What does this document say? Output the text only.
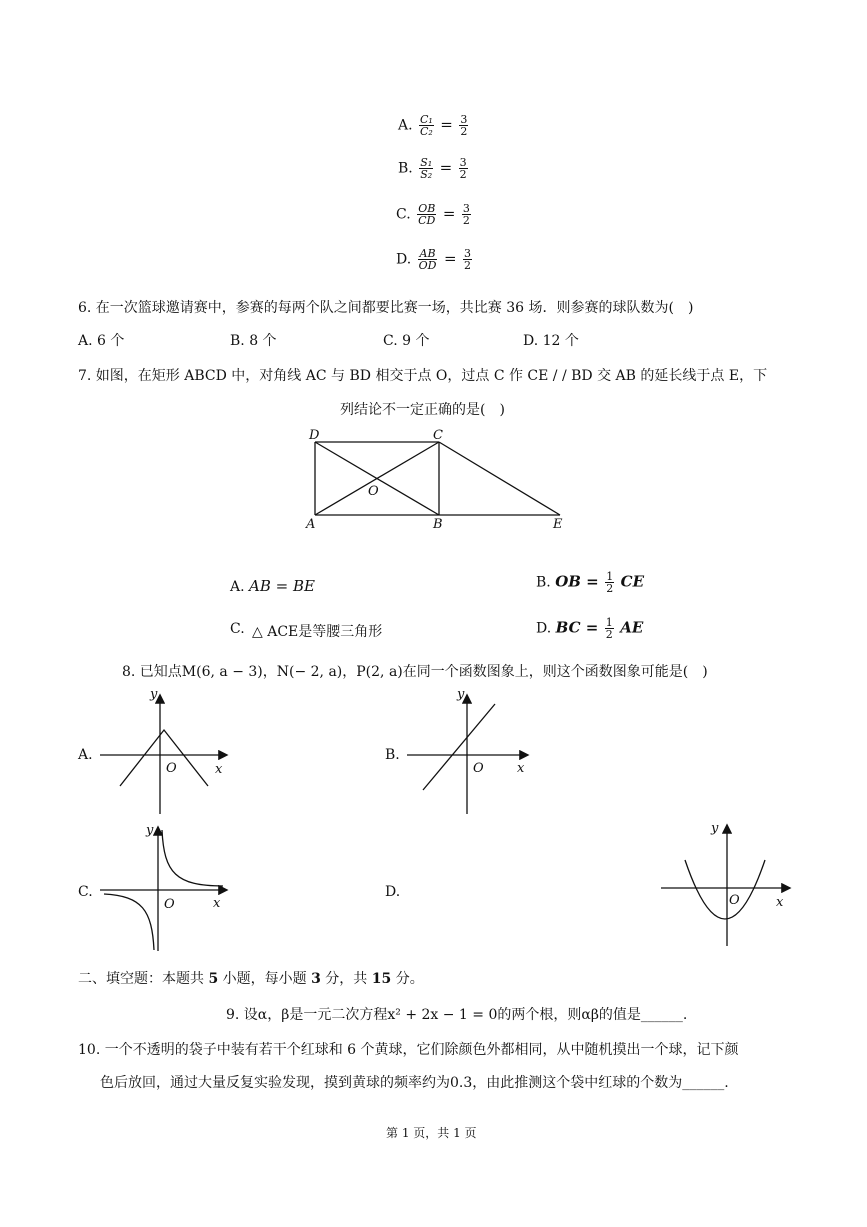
A. $\frac{\text{C₁}}{\text{C₂}} = \frac{3}{2}$
B. $\frac{\text{S₁}}{\text{S₂}} = \frac{3}{2}$
C. $\frac{OB}{CD} = \frac{3}{2}$
D. $\frac{AB}{OD} = \frac{3}{2}$
6. 在一次篮球邀请赛中，参赛的每两个队之间都要比赛一场，共比赛 36 场．则参赛的球队数为(　)
A. 6 个	B. 8 个	C. 9 个	D. 12 个
7. 如图，在矩形 ABCD 中，对角线 AC 与 BD 相交于点 O，过点 C 作 CE / / BD 交 AB 的延长线于点 E，下
列结论不一定正确的是(　)
D	C
O
A	B	E
A. AB = BE	B. OB = $\frac{1}{2}$ CE
C. △ ACE是等腰三角形	D. BC = $\frac{1}{2}$ AE
8. 已知点M(6, a − 3)，N(− 2, a)，P(2, a)在同一个函数图象上，则这个函数图象可能是(　)
A.
y
x
O
B.
y
x
O
C.
y
x
O
D.
y
x
O
二、填空题：本题共 5 小题，每小题 3 分，共 15 分。
9. 设α，β是一元二次方程x² + 2x − 1 = 0的两个根，则αβ的值是______.
10. 一个不透明的袋子中装有若干个红球和 6 个黄球，它们除颜色外都相同，从中随机摸出一个球，记下颜
色后放回，通过大量反复实验发现，摸到黄球的频率约为0.3，由此推测这个袋中红球的个数为______.
第 1 页，共 1 页
